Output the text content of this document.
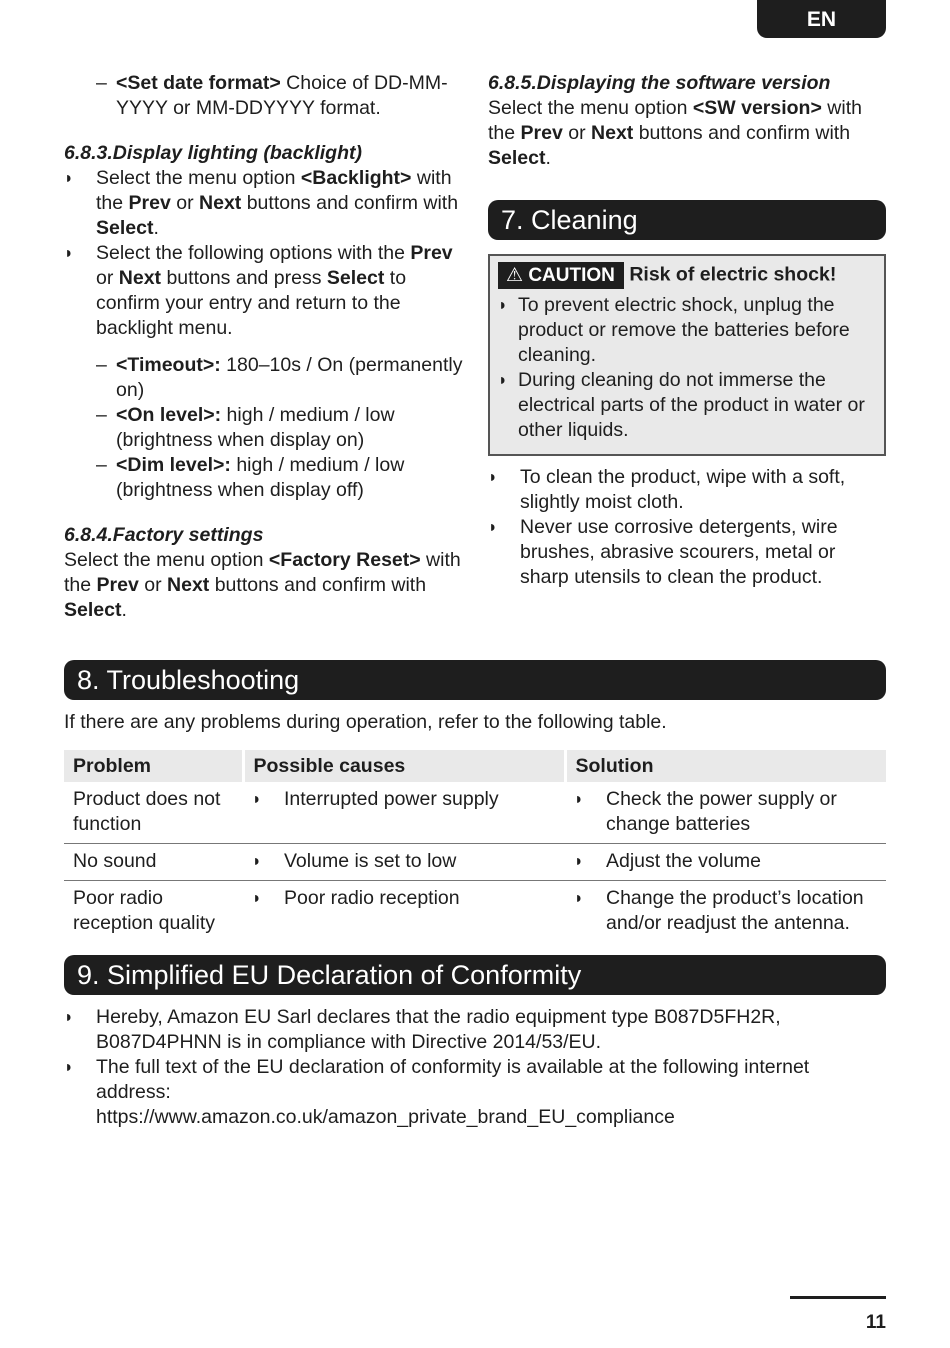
EN
– <Set date format> Choice of DD-MM-YYYY or MM-DDYYYY format.
6.8.3.Display lighting (backlight)
◗ Select the menu option <Backlight> with the Prev or Next buttons and confirm with Select.
◗ Select the following options with the Prev or Next buttons and press Select to confirm your entry and return to the backlight menu.
– <Timeout>: 180–10s / On (permanently on)
– <On level>: high / medium / low (brightness when display on)
– <Dim level>: high / medium / low (brightness when display off)
6.8.4.Factory settings
Select the menu option <Factory Reset> with the Prev or Next buttons and confirm with Select.
6.8.5.Displaying the software version
Select the menu option <SW version> with the Prev or Next buttons and confirm with Select.
7. Cleaning
⚠ CAUTION Risk of electric shock!
◗ To prevent electric shock, unplug the product or remove the batteries before cleaning.
◗ During cleaning do not immerse the electrical parts of the product in water or other liquids.
◗ To clean the product, wipe with a soft, slightly moist cloth.
◗ Never use corrosive detergents, wire brushes, abrasive scourers, metal or sharp utensils to clean the product.
8. Troubleshooting
If there are any problems during operation, refer to the following table.
Problem	Possible causes	Solution
Product does not function	◗ Interrupted power supply	◗ Check the power supply or change batteries

No sound	◗ Volume is set to low	◗ Adjust the volume

Poor radio reception quality	◗ Poor radio reception	◗ Change the product’s location and/or readjust the antenna.
9. Simplified EU Declaration of Conformity
◗ Hereby, Amazon EU Sarl declares that the radio equipment type B087D5FH2R, B087D4PHNN is in compliance with Directive 2014/53/EU.
◗ The full text of the EU declaration of conformity is available at the following internet address:
https://www.amazon.co.uk/amazon_private_brand_EU_compliance
11
